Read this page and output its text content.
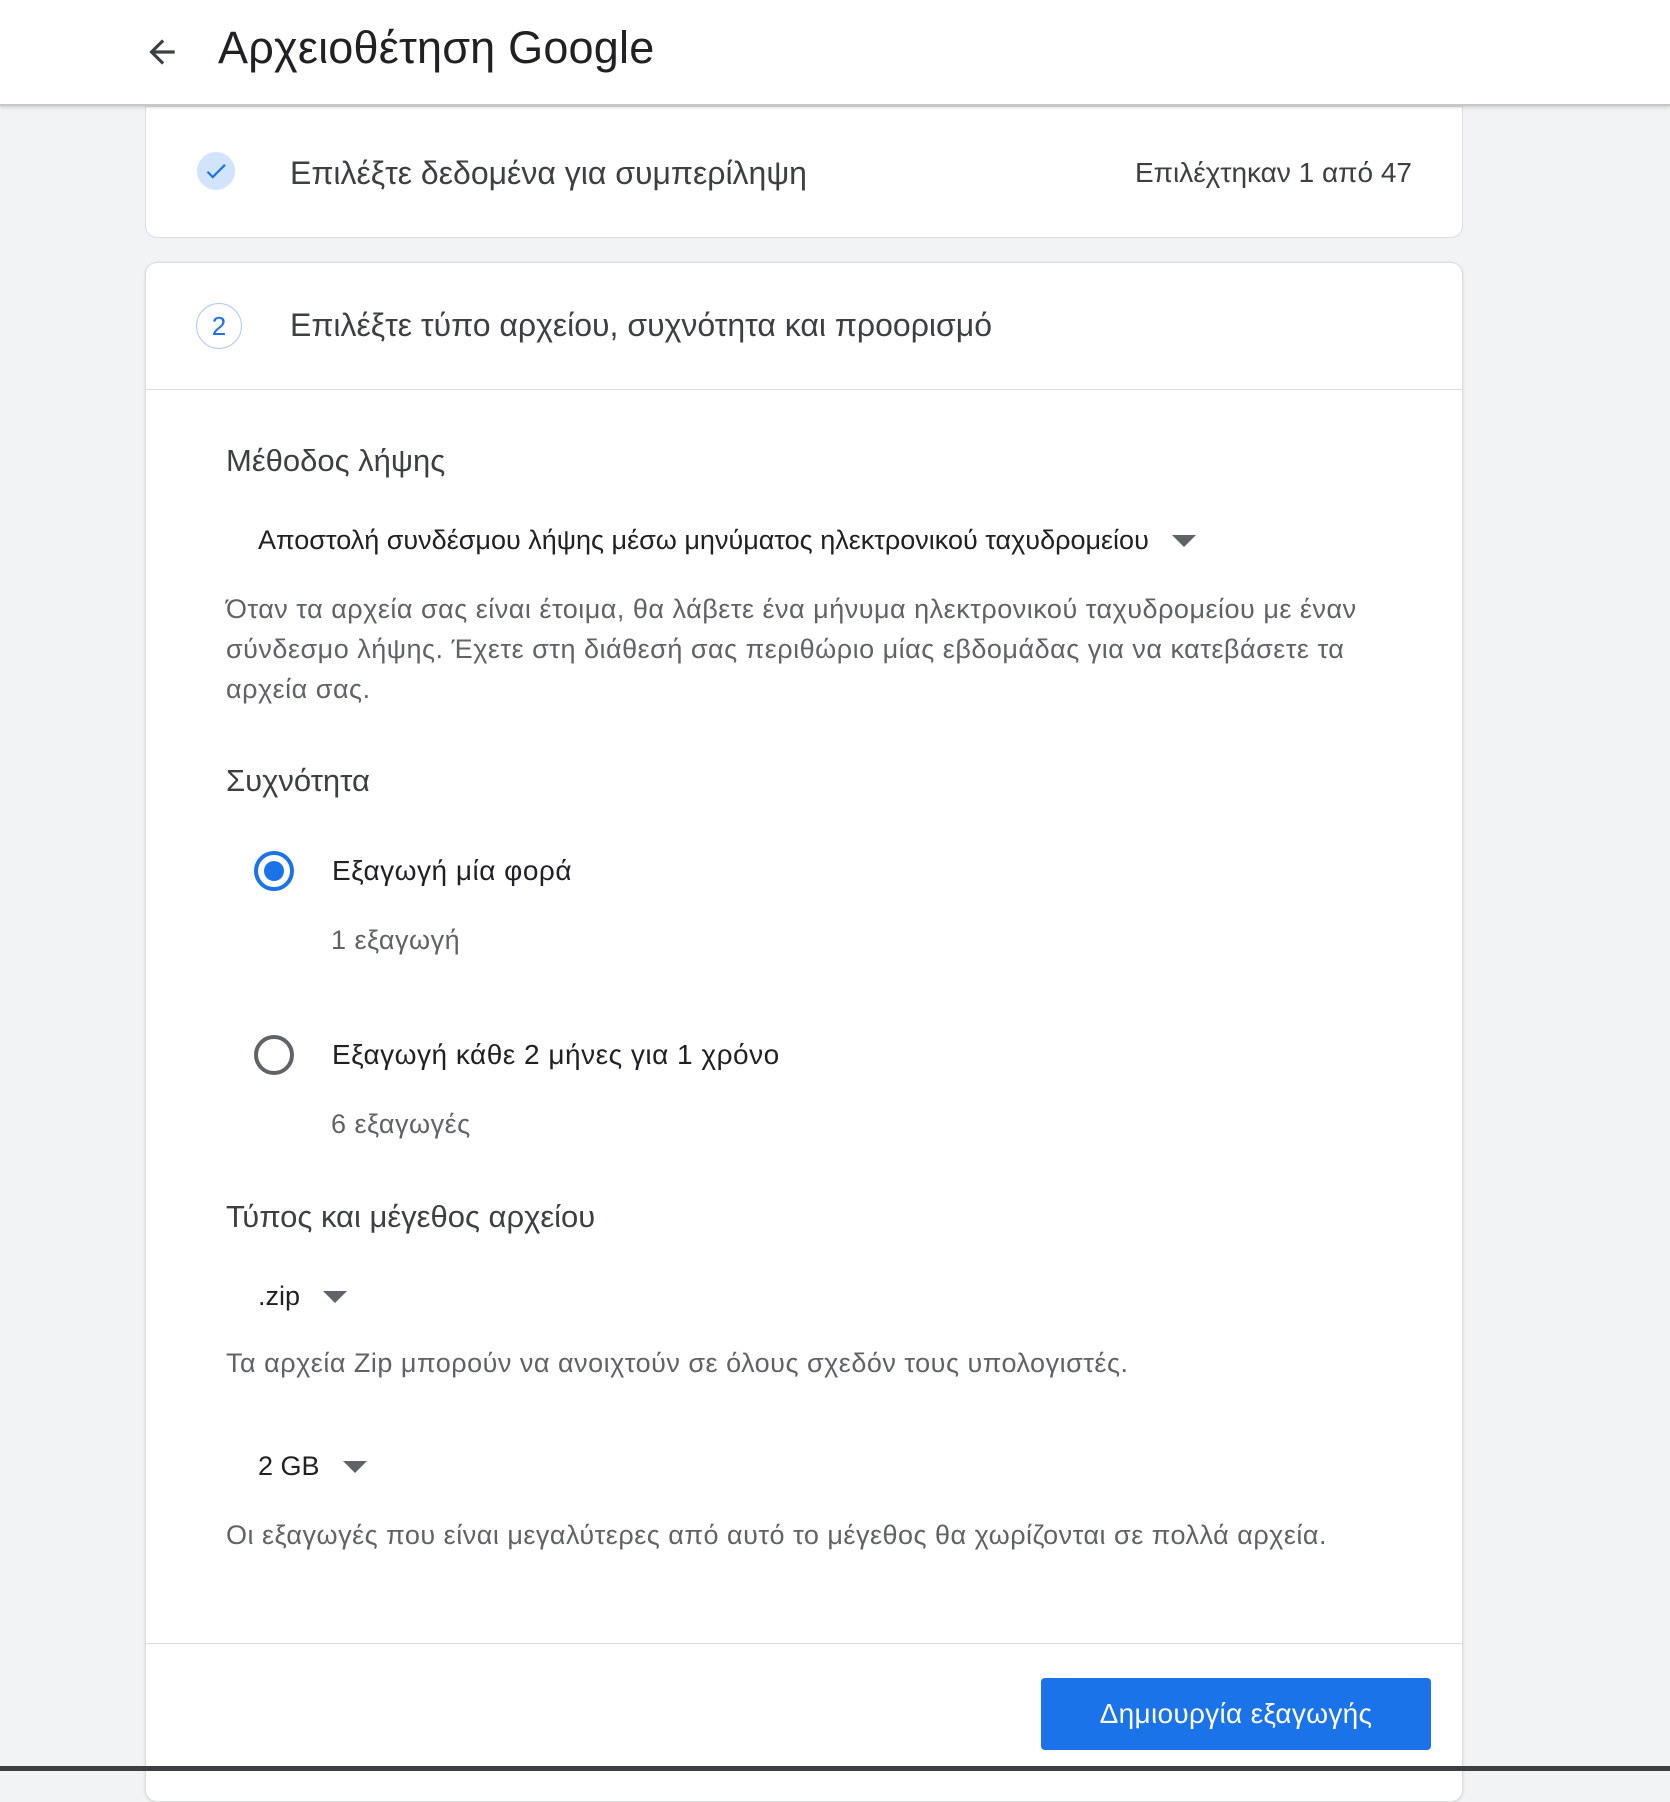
Αρχειοθέτηση Google
Επιλέξτε δεδομένα για συμπερίληψη	Επιλέχτηκαν 1 από 47
2	Επιλέξτε τύπο αρχείου, συχνότητα και προορισμό
Μέθοδος λήψης
Αποστολή συνδέσμου λήψης μέσω μηνύματος ηλεκτρονικού ταχυδρομείου
Όταν τα αρχεία σας είναι έτοιμα, θα λάβετε ένα μήνυμα ηλεκτρονικού ταχυδρομείου με έναν σύνδεσμο λήψης. Έχετε στη διάθεσή σας περιθώριο μίας εβδομάδας για να κατεβάσετε τα αρχεία σας.
Συχνότητα
Εξαγωγή μία φορά
1 εξαγωγή
Εξαγωγή κάθε 2 μήνες για 1 χρόνο
6 εξαγωγές
Τύπος και μέγεθος αρχείου
.zip
Τα αρχεία Zip μπορούν να ανοιχτούν σε όλους σχεδόν τους υπολογιστές.
2 GB
Οι εξαγωγές που είναι μεγαλύτερες από αυτό το μέγεθος θα χωρίζονται σε πολλά αρχεία.
Δημιουργία εξαγωγής
